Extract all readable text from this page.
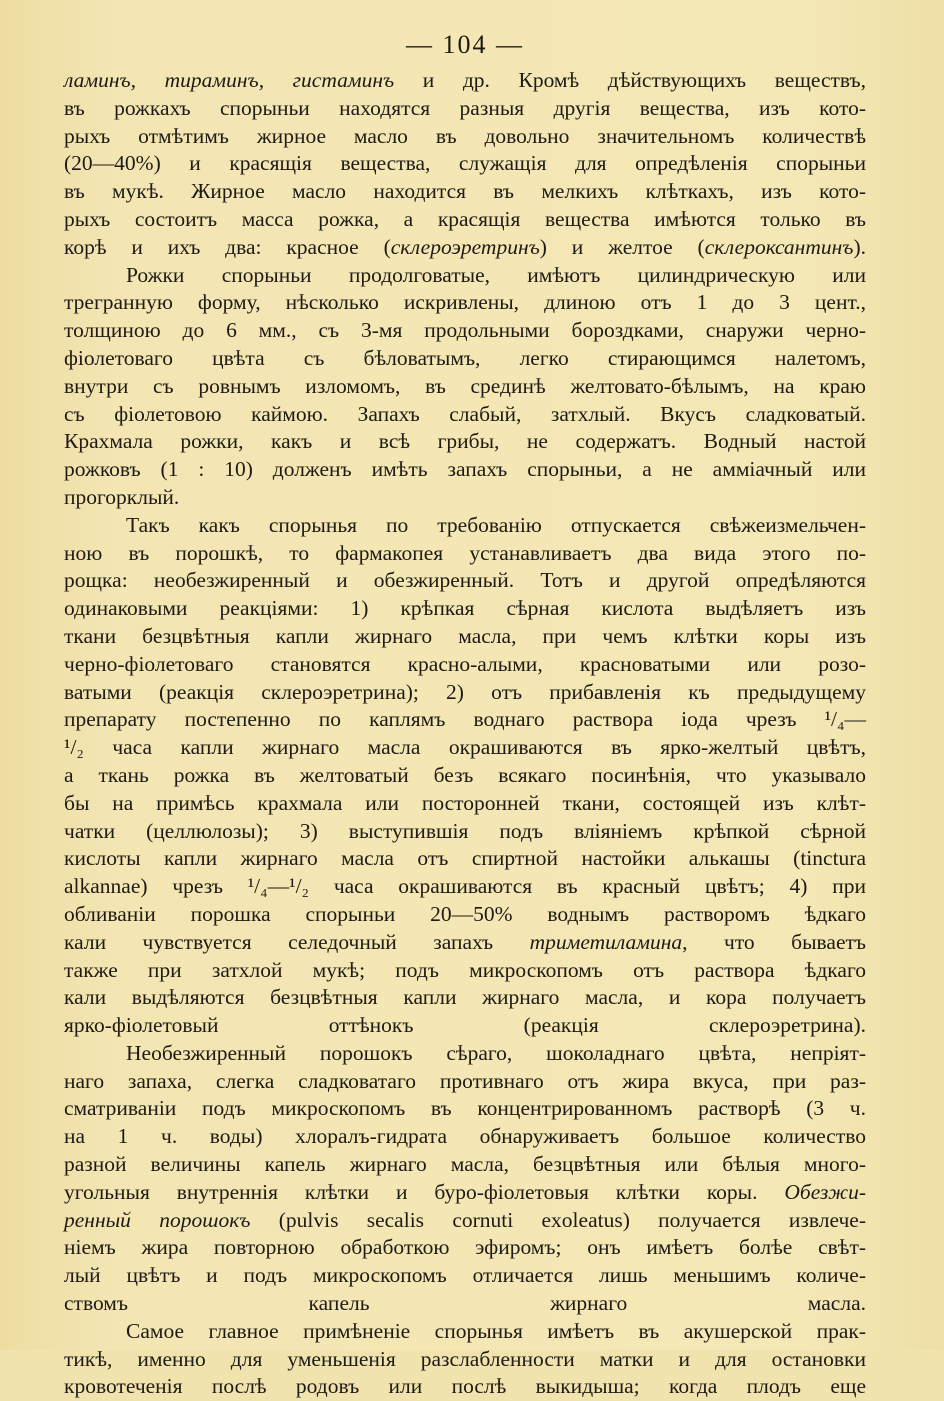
— 104 —

ламинъ, тираминъ, гистаминъ и др. Кромѣ дѣйствующихъ веществъ,

въ рожкахъ спорыньи находятся разныя другія вещества, изъ кото-

рыхъ отмѣтимъ жирное масло въ довольно значительномъ количествѣ

(20—40%) и красящія вещества, служащія для опредѣленія спорыньи

въ мукѣ. Жирное масло находится въ мелкихъ клѣткахъ, изъ кото-

рыхъ состоитъ масса рожка, а красящія вещества имѣются только въ

корѣ и ихъ два: красное (склероэретринъ) и желтое (склероксантинъ).

Рожки спорыньи продолговатые, имѣютъ цилиндрическую или

трегранную форму, нѣсколько искривлены, длиною отъ 1 до 3 цент.,

толщиною до 6 мм., съ 3-мя продольными бороздками, снаружи черно-

фіолетоваго цвѣта съ бѣловатымъ, легко стирающимся налетомъ,

внутри съ ровнымъ изломомъ, въ срединѣ желтовато-бѣлымъ, на краю

съ фіолетовою каймою. Запахъ слабый, затхлый. Вкусъ сладковатый.

Крахмала рожки, какъ и всѣ грибы, не содержатъ. Водный настой

рожковъ (1 : 10) долженъ имѣть запахъ спорыньи, а не амміачный или

прогорклый.

Такъ какъ спорынья по требованію отпускается свѣжеизмельчен-

ною въ порошкѣ, то фармакопея устанавливаетъ два вида этого по-

рощка: необезжиренный и обезжиренный. Тотъ и другой опредѣляются

одинаковыми реакціями: 1) крѣпкая сѣрная кислота выдѣляетъ изъ

ткани безцвѣтныя капли жирнаго масла, при чемъ клѣтки коры изъ

черно-фіолетоваго становятся красно-алыми, красноватыми или розо-

ватыми (реакція склероэретрина); 2) отъ прибавленія къ предыдущему

препарату постепенно по каплямъ воднаго раствора іода чрезъ ¹/₄—

¹/₂ часа капли жирнаго масла окрашиваются въ ярко-желтый цвѣтъ,

а ткань рожка въ желтоватый безъ всякаго посинѣнія, что указывало

бы на примѣсь крахмала или посторонней ткани, состоящей изъ клѣт-

чатки (целлюлозы); 3) выступившія подъ вліяніемъ крѣпкой сѣрной

кислоты капли жирнаго масла отъ спиртной настойки алькашы (tinctura

alkannae) чрезъ ¹/₄—¹/₂ часа окрашиваются въ красный цвѣтъ; 4) при

обливаніи порошка спорыньи 20—50% воднымъ растворомъ ѣдкаго

кали чувствуется селедочный запахъ триметиламина, что бываетъ

также при затхлой мукѣ; подъ микроскопомъ отъ раствора ѣдкаго

кали выдѣляются безцвѣтныя капли жирнаго масла, и кора получаетъ

ярко-фіолетовый оттѣнокъ (реакція склероэретрина).

Необезжиренный порошокъ сѣраго, шоколаднаго цвѣта, непріят-

наго запаха, слегка сладковатаго противнаго отъ жира вкуса, при раз-

сматриваніи подъ микроскопомъ въ концентрированномъ растворѣ (3 ч.

на 1 ч. воды) хлоралъ-гидрата обнаруживаетъ большое количество

разной величины капель жирнаго масла, безцвѣтныя или бѣлыя много-

угольныя внутреннія клѣтки и буро-фіолетовыя клѣтки коры. Обезжи-

ренный порошокъ (pulvis secalis cornuti exoleatus) получается извлече-

ніемъ жира повторною обработкою эфиромъ; онъ имѣетъ болѣе свѣт-

лый цвѣтъ и подъ микроскопомъ отличается лишь меньшимъ количе-

ствомъ капель жирнаго масла.

Самое главное примѣненіе спорынья имѣетъ въ акушерской прак-

тикѣ, именно для уменьшенія разслабленности матки и для остановки

кровотеченія послѣ родовъ или послѣ выкидыша; когда плодъ еще
